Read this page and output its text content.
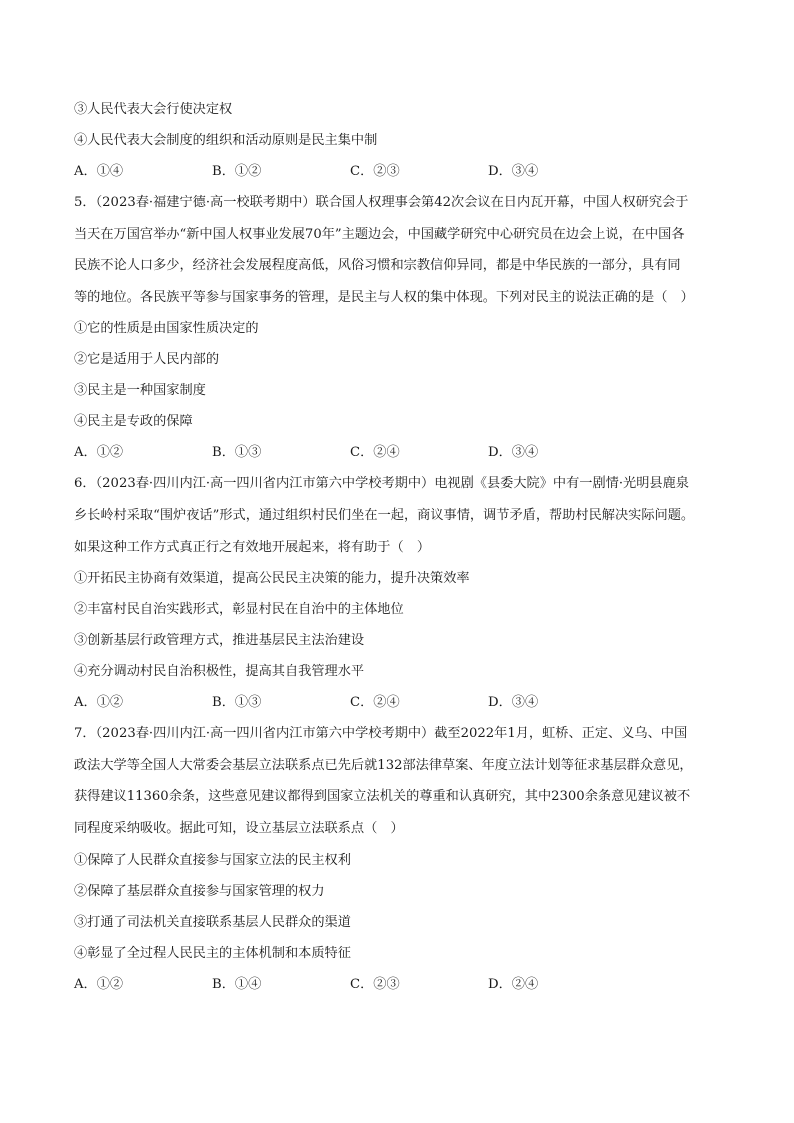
③人民代表大会行使决定权
④人民代表大会制度的组织和活动原则是民主集中制
A．①④	B．①②	C．②③	D．③④
5．（2023春·福建宁德·高一校联考期中）联合国人权理事会第42次会议在日内瓦开幕，中国人权研究会于
当天在万国宫举办“新中国人权事业发展70年”主题边会，中国藏学研究中心研究员在边会上说，在中国各
民族不论人口多少，经济社会发展程度高低，风俗习惯和宗教信仰异同，都是中华民族的一部分，具有同
等的地位。各民族平等参与国家事务的管理，是民主与人权的集中体现。下列对民主的说法正确的是（　）
①它的性质是由国家性质决定的
②它是适用于人民内部的
③民主是一种国家制度
④民主是专政的保障
A．①②	B．①③	C．②④	D．③④
6．（2023春·四川内江·高一四川省内江市第六中学校考期中）电视剧《县委大院》中有一剧情·光明县鹿泉
乡长岭村采取“围炉夜话”形式，通过组织村民们坐在一起，商议事情，调节矛盾，帮助村民解决实际问题。
如果这种工作方式真正行之有效地开展起来，将有助于（　）
①开拓民主协商有效渠道，提高公民民主决策的能力，提升决策效率
②丰富村民自治实践形式，彰显村民在自治中的主体地位
③创新基层行政管理方式，推进基层民主法治建设
④充分调动村民自治积极性，提高其自我管理水平
A．①②	B．①③	C．②④	D．③④
7．（2023春·四川内江·高一四川省内江市第六中学校考期中）截至2022年1月，虹桥、正定、义乌、中国
政法大学等全国人大常委会基层立法联系点已先后就132部法律草案、年度立法计划等征求基层群众意见，
获得建议11360余条，这些意见建议都得到国家立法机关的尊重和认真研究，其中2300余条意见建议被不
同程度采纳吸收。据此可知，设立基层立法联系点（　）
①保障了人民群众直接参与国家立法的民主权利
②保障了基层群众直接参与国家管理的权力
③打通了司法机关直接联系基层人民群众的渠道
④彰显了全过程人民民主的主体机制和本质特征
A．①②	B．①④	C．②③	D．②④
